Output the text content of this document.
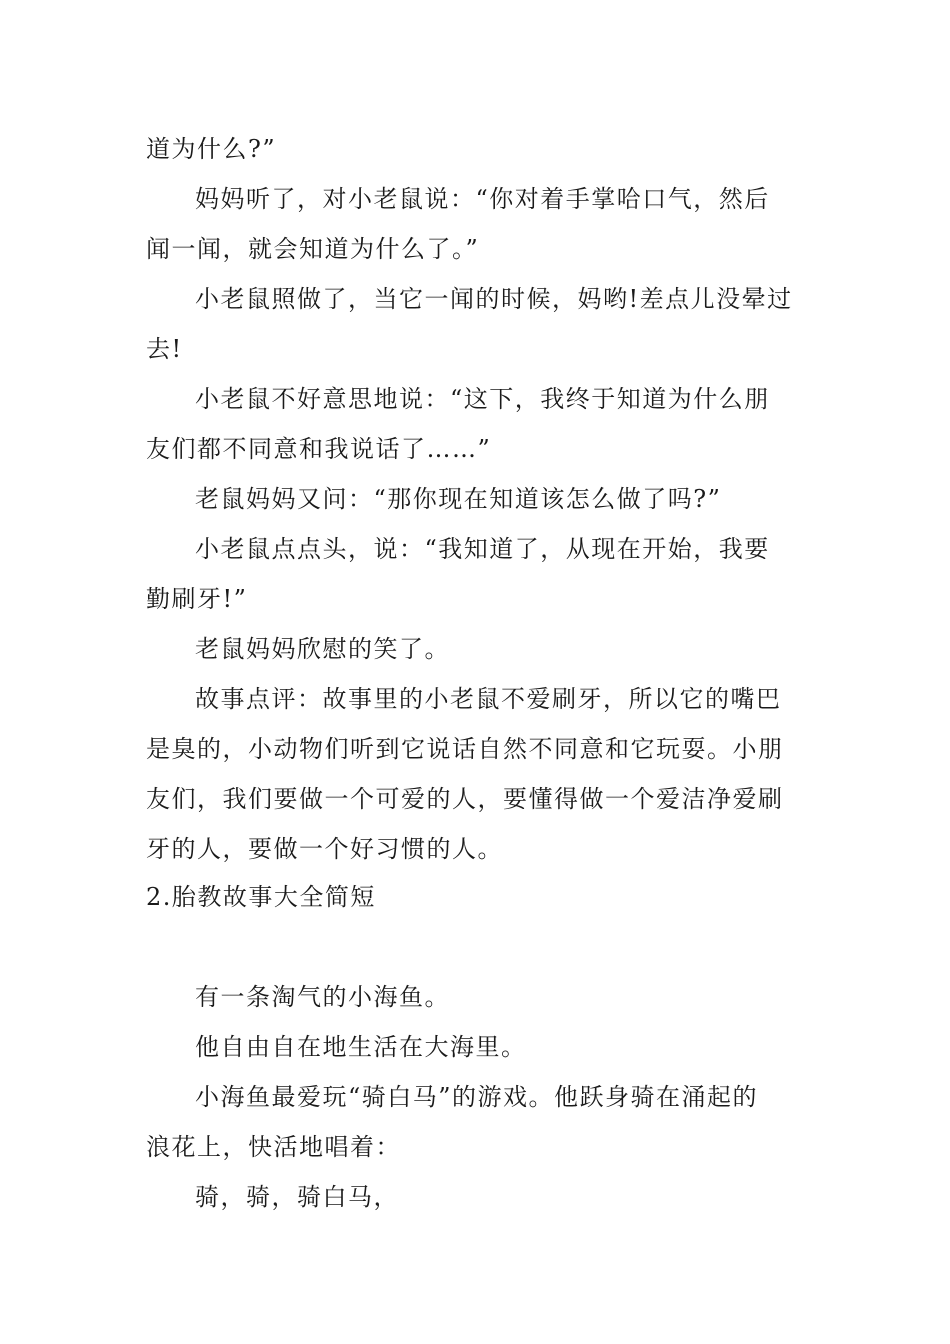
道为什么?”
妈妈听了，对小老鼠说：“你对着手掌哈口气，然后
闻一闻，就会知道为什么了。”
小老鼠照做了，当它一闻的时候，妈哟!差点儿没晕过
去!
小老鼠不好意思地说：“这下，我终于知道为什么朋
友们都不同意和我说话了……”
老鼠妈妈又问：“那你现在知道该怎么做了吗?”
小老鼠点点头，说：“我知道了，从现在开始，我要
勤刷牙!”
老鼠妈妈欣慰的笑了。
故事点评：故事里的小老鼠不爱刷牙，所以它的嘴巴
是臭的，小动物们听到它说话自然不同意和它玩耍。小朋
友们，我们要做一个可爱的人，要懂得做一个爱洁净爱刷
牙的人，要做一个好习惯的人。
2.胎教故事大全简短
有一条淘气的小海鱼。
他自由自在地生活在大海里。
小海鱼最爱玩“骑白马”的游戏。他跃身骑在涌起的
浪花上，快活地唱着：
骑，骑，骑白马，
